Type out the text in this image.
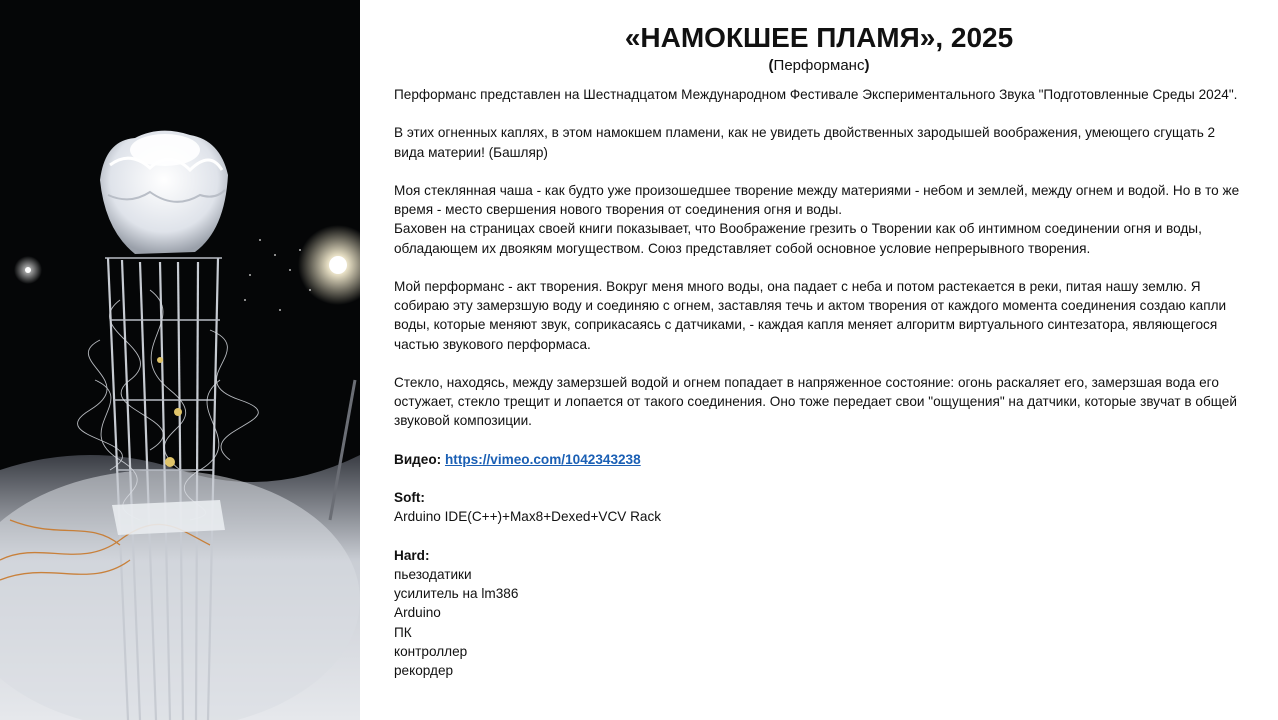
«НАМОКШЕЕ ПЛАМЯ», 2025
(Перформанс)

Перформанс представлен на Шестнадцатом Международном Фестивале Экспериментального Звука "Подготовленные Среды 2024".

В этих огненных каплях, в этом намокшем пламени, как не увидеть двойственных зародышей воображения, умеющего сгущать 2 вида материи! (Башляр)

Моя стеклянная чаша - как будто уже произошедшее творение между материями - небом и землей, между огнем и водой. Но в то же время - место свершения нового творения от соединения огня и воды.

Баховен на страницах своей книги показывает, что Воображение грезить о Творении как об интимном соединении огня и воды, обладающем их двоякям могуществом. Союз представляет собой основное условие непрерывного творения.

Мой перформанс - акт творения. Вокруг меня много воды, она падает с неба и потом растекается в реки, питая нашу землю. Я собираю эту замерзшую воду и соединяю с огнем, заставляя течь и актом творения от каждого момента соединения создаю капли воды, которые меняют звук, соприкасаясь с датчиками, - каждая капля меняет алгоритм виртуального синтезатора, являющегося частью звукового перформаса.

Стекло, находясь, между замерзшей водой и огнем попадает в напряженное состояние: огонь раскаляет его, замерзшая вода его остужает, стекло трещит и лопается от такого соединения. Оно тоже передает свои "ощущения" на датчики, которые звучат в общей звуковой композиции.

Видео: https://vimeo.com/1042343238
Soft:
Arduino IDE(C++)+Max8+Dexed+VCV Rack
Hard:
пьезодатики
усилитель на lm386
Arduino
ПК
контроллер
рекордер
